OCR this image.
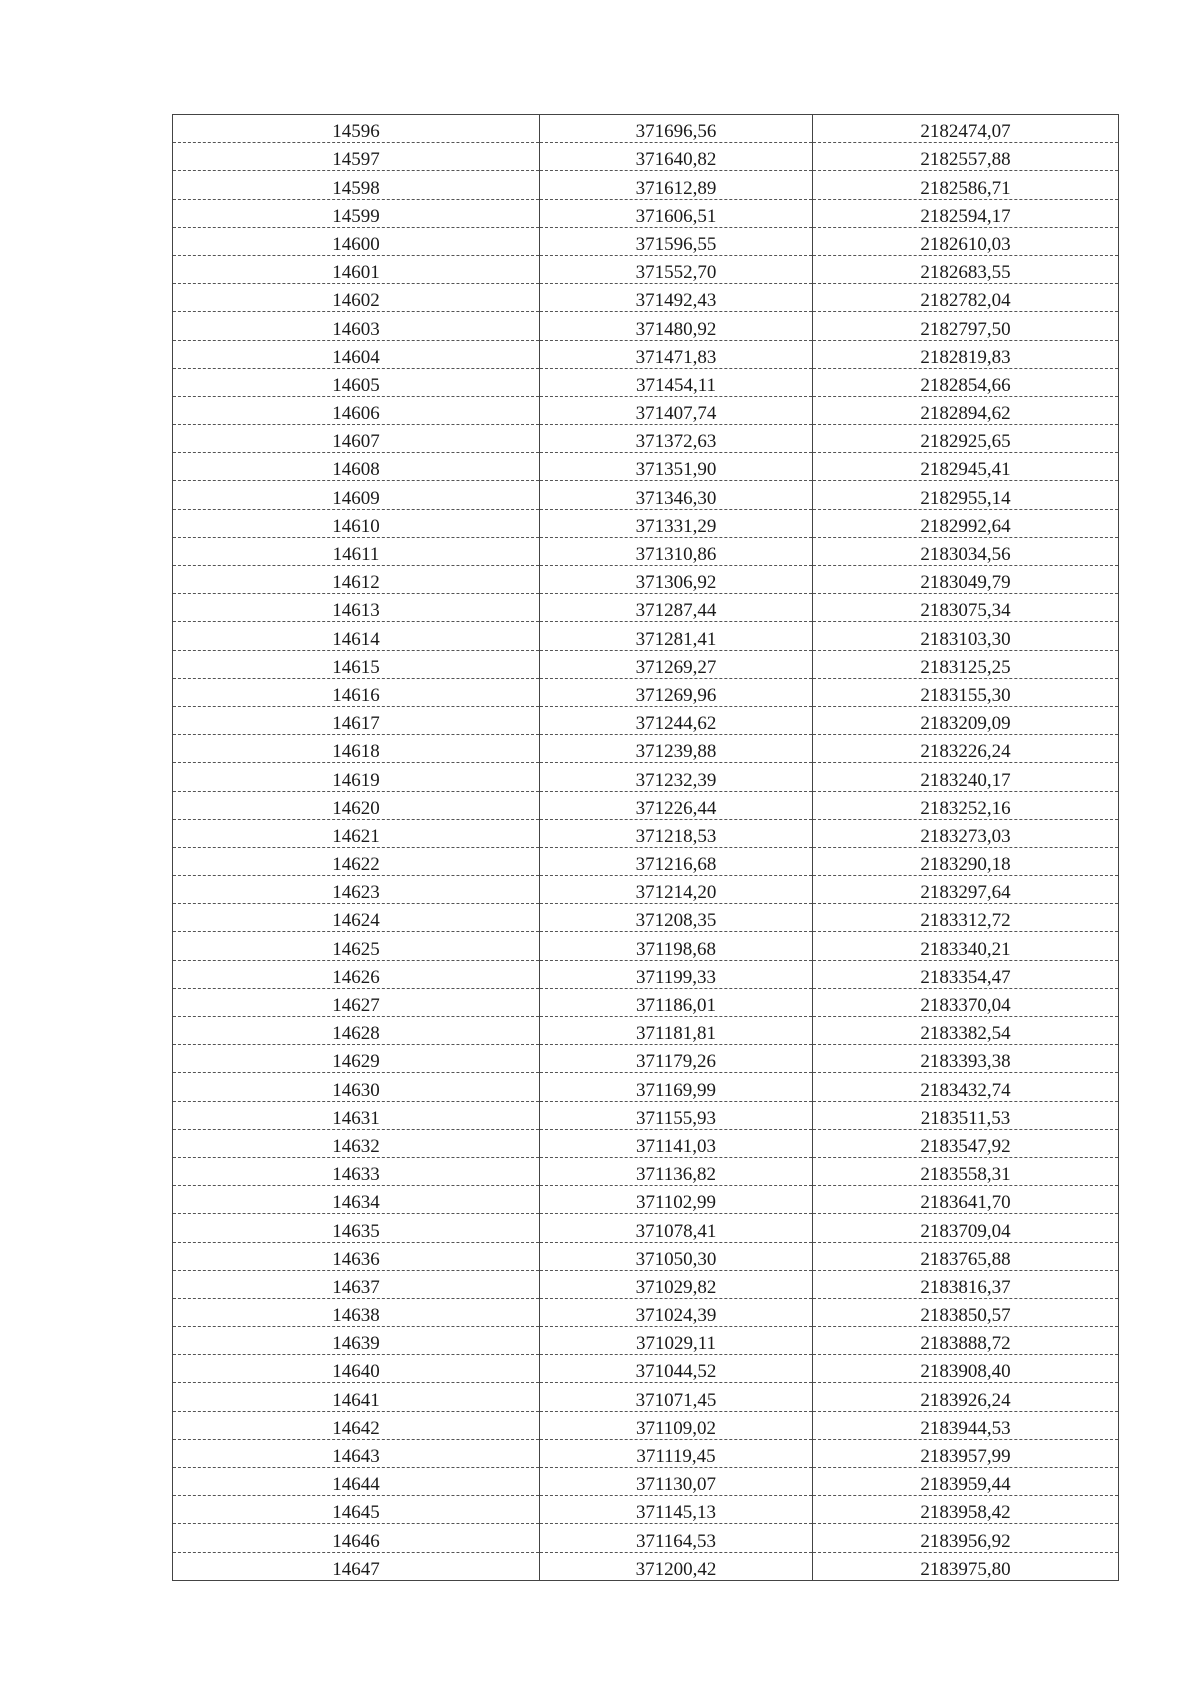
14596	371696,56	2182474,07
14597	371640,82	2182557,88
14598	371612,89	2182586,71
14599	371606,51	2182594,17
14600	371596,55	2182610,03
14601	371552,70	2182683,55
14602	371492,43	2182782,04
14603	371480,92	2182797,50
14604	371471,83	2182819,83
14605	371454,11	2182854,66
14606	371407,74	2182894,62
14607	371372,63	2182925,65
14608	371351,90	2182945,41
14609	371346,30	2182955,14
14610	371331,29	2182992,64
14611	371310,86	2183034,56
14612	371306,92	2183049,79
14613	371287,44	2183075,34
14614	371281,41	2183103,30
14615	371269,27	2183125,25
14616	371269,96	2183155,30
14617	371244,62	2183209,09
14618	371239,88	2183226,24
14619	371232,39	2183240,17
14620	371226,44	2183252,16
14621	371218,53	2183273,03
14622	371216,68	2183290,18
14623	371214,20	2183297,64
14624	371208,35	2183312,72
14625	371198,68	2183340,21
14626	371199,33	2183354,47
14627	371186,01	2183370,04
14628	371181,81	2183382,54
14629	371179,26	2183393,38
14630	371169,99	2183432,74
14631	371155,93	2183511,53
14632	371141,03	2183547,92
14633	371136,82	2183558,31
14634	371102,99	2183641,70
14635	371078,41	2183709,04
14636	371050,30	2183765,88
14637	371029,82	2183816,37
14638	371024,39	2183850,57
14639	371029,11	2183888,72
14640	371044,52	2183908,40
14641	371071,45	2183926,24
14642	371109,02	2183944,53
14643	371119,45	2183957,99
14644	371130,07	2183959,44
14645	371145,13	2183958,42
14646	371164,53	2183956,92
14647	371200,42	2183975,80
